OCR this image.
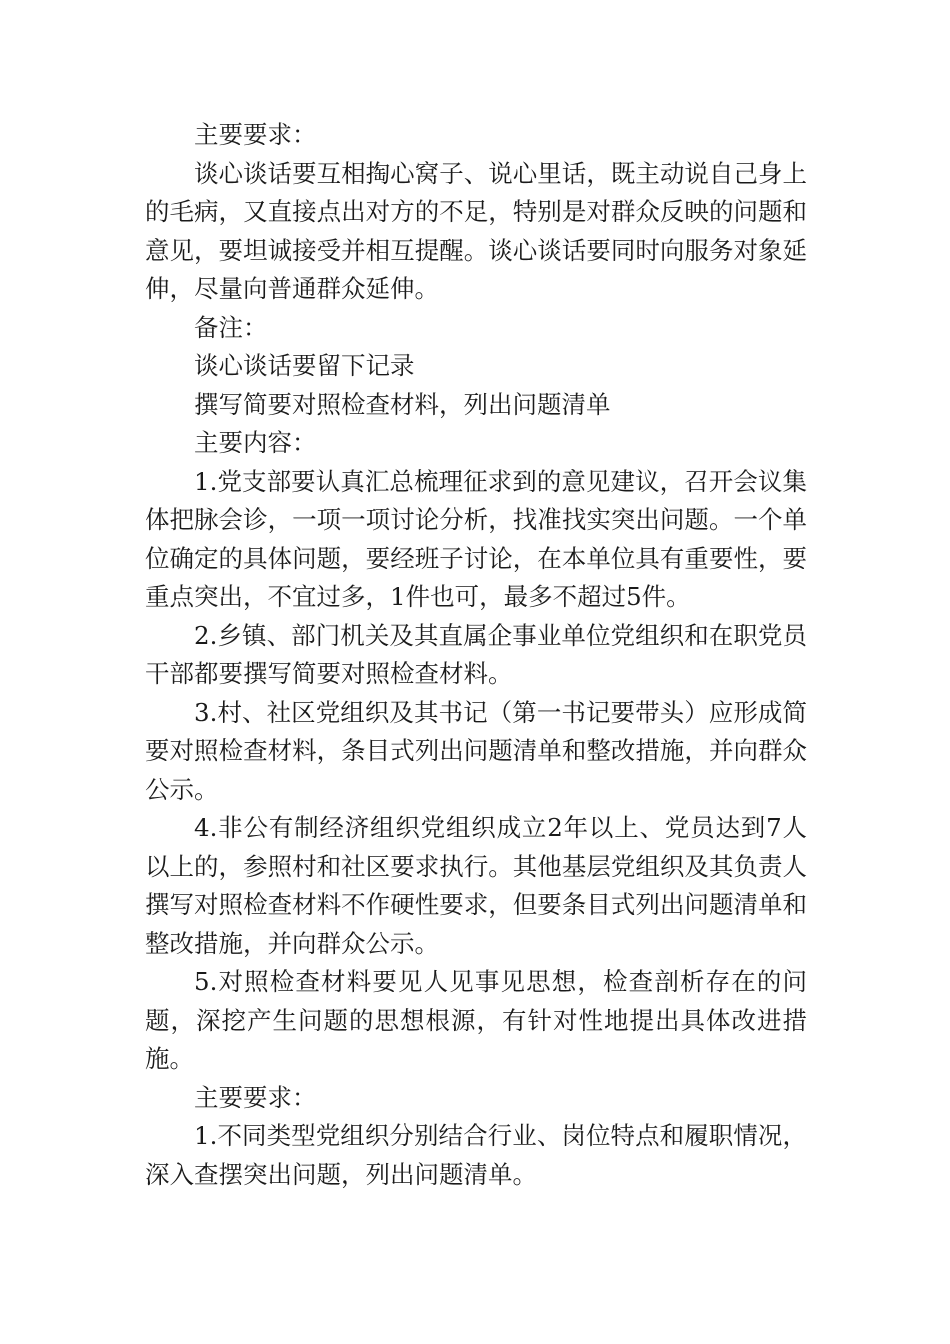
主要要求：

谈心谈话要互相掏心窝子、说心里话，既主动说自己身上的毛病，又直接点出对方的不足，特别是对群众反映的问题和意见，要坦诚接受并相互提醒。谈心谈话要同时向服务对象延伸，尽量向普通群众延伸。

备注：

谈心谈话要留下记录

撰写简要对照检查材料，列出问题清单

主要内容：

1.党支部要认真汇总梳理征求到的意见建议，召开会议集体把脉会诊，一项一项讨论分析，找准找实突出问题。一个单位确定的具体问题，要经班子讨论，在本单位具有重要性，要重点突出，不宜过多，1件也可，最多不超过5件。

2.乡镇、部门机关及其直属企事业单位党组织和在职党员干部都要撰写简要对照检查材料。

3.村、社区党组织及其书记（第一书记要带头）应形成简要对照检查材料，条目式列出问题清单和整改措施，并向群众公示。

4.非公有制经济组织党组织成立2年以上、党员达到7人以上的，参照村和社区要求执行。其他基层党组织及其负责人撰写对照检查材料不作硬性要求，但要条目式列出问题清单和整改措施，并向群众公示。

5.对照检查材料要见人见事见思想，检查剖析存在的问题，深挖产生问题的思想根源，有针对性地提出具体改进措施。

主要要求：

1.不同类型党组织分别结合行业、岗位特点和履职情况，深入查摆突出问题，列出问题清单。
